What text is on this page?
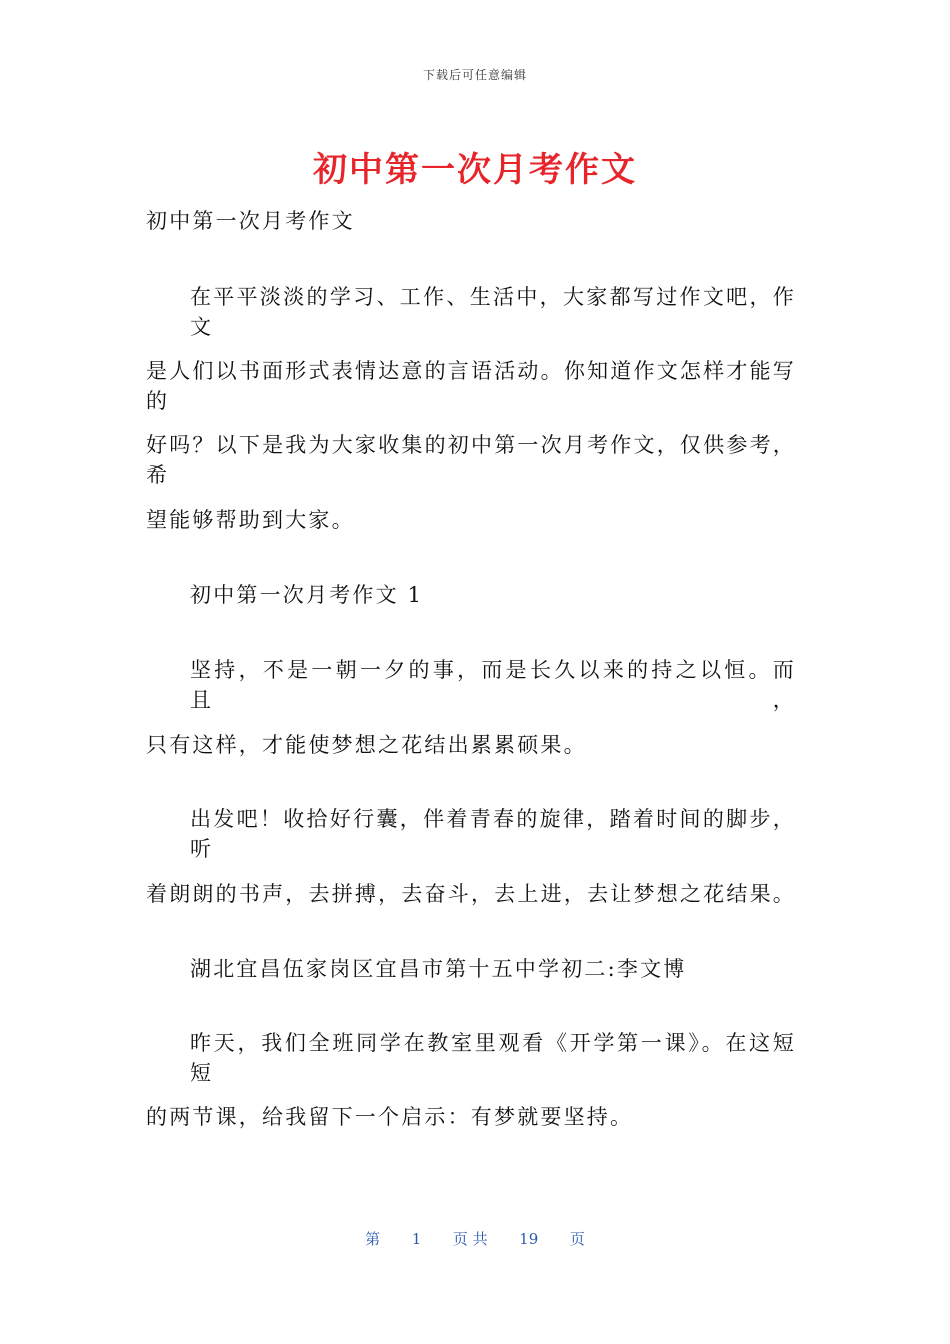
下载后可任意编辑
初中第一次月考作文
初中第一次月考作文
在平平淡淡的学习、工作、生活中，大家都写过作文吧，作文
是人们以书面形式表情达意的言语活动。你知道作文怎样才能写的
好吗？以下是我为大家收集的初中第一次月考作文，仅供参考，希
望能够帮助到大家。
初中第一次月考作文 1
坚持，不是一朝一夕的事，而是长久以来的持之以恒。而且，
只有这样，才能使梦想之花结出累累硕果。
出发吧！收拾好行囊，伴着青春的旋律，踏着时间的脚步，听
着朗朗的书声，去拼搏，去奋斗，去上进，去让梦想之花结果。
湖北宜昌伍家岗区宜昌市第十五中学初二:李文博
昨天，我们全班同学在教室里观看《开学第一课》。在这短短
的两节课，给我留下一个启示：有梦就要坚持。
第 1 页 共 19 页
